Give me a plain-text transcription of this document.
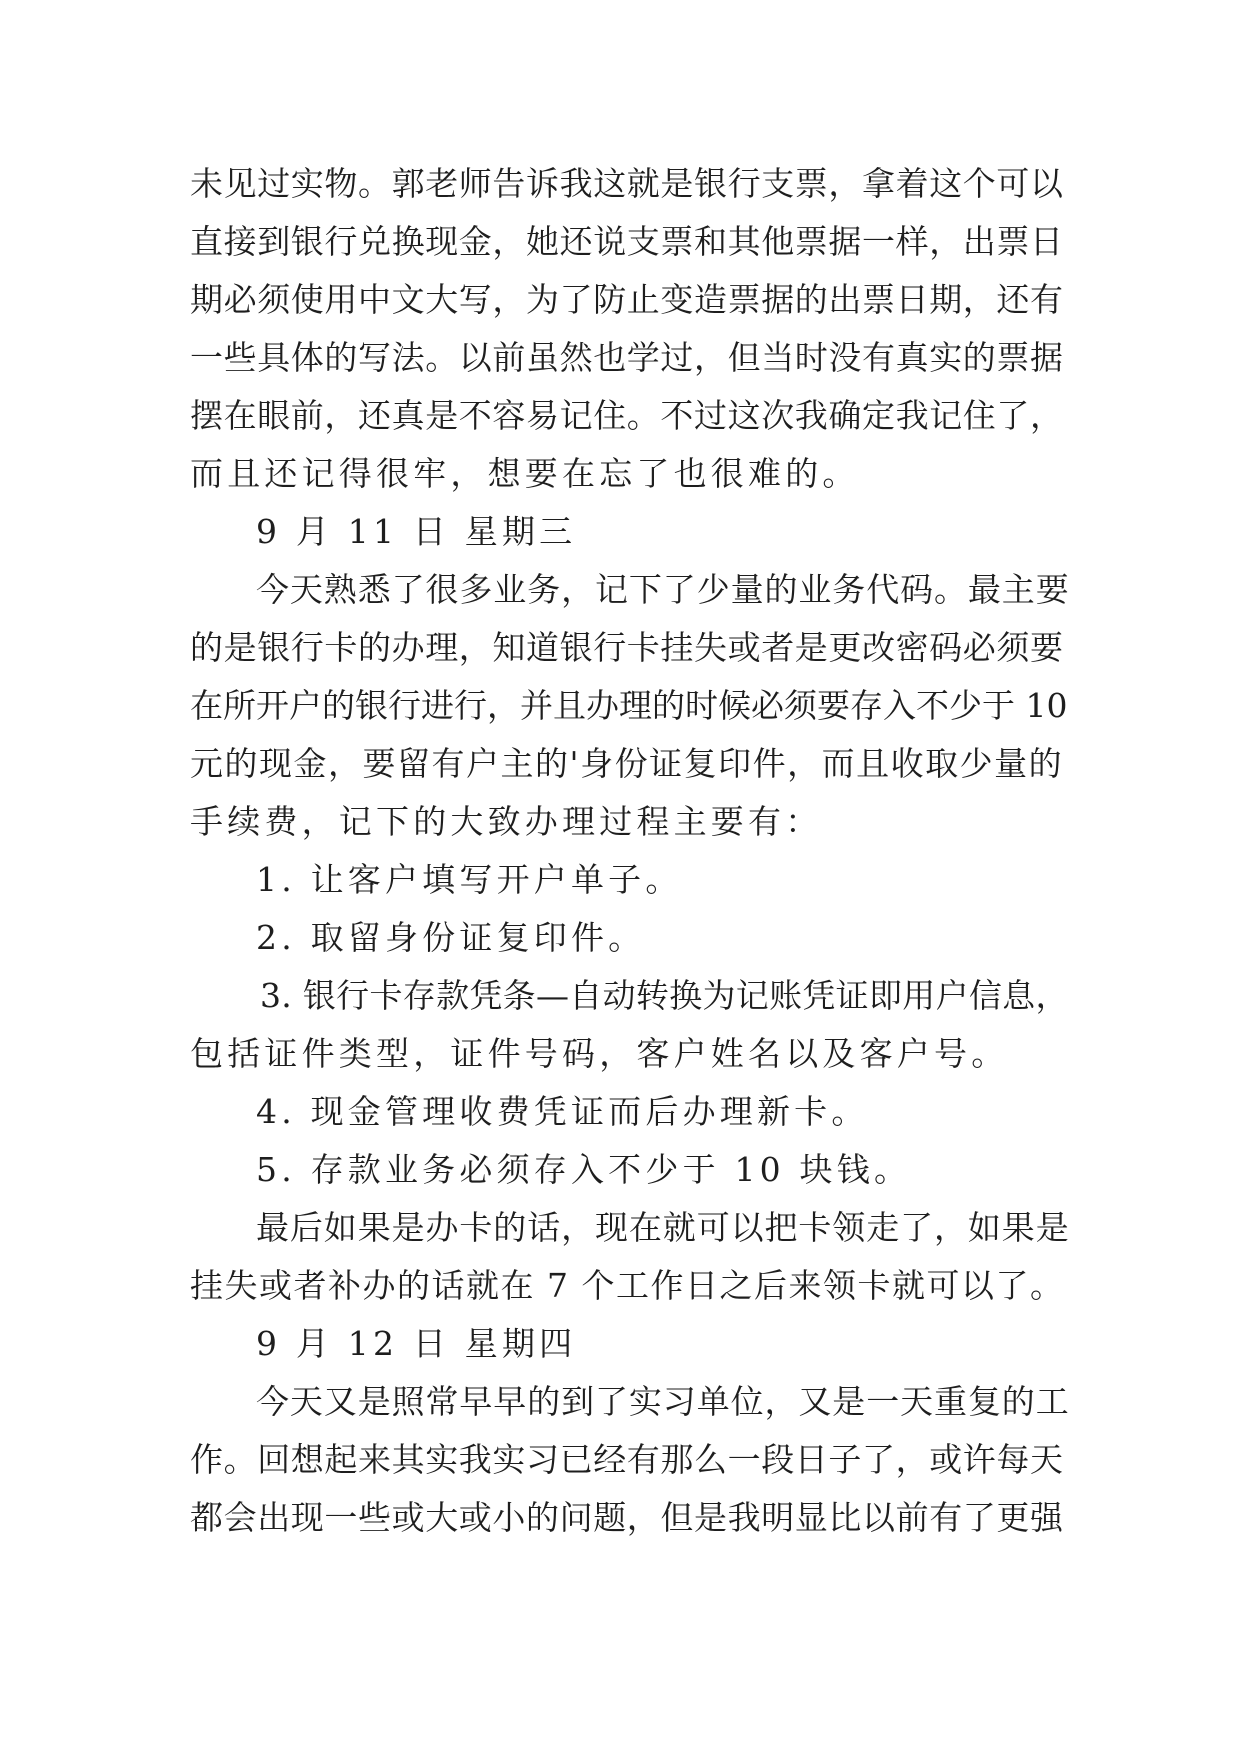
未见过实物。郭老师告诉我这就是银行支票，拿着这个可以
直接到银行兑换现金，她还说支票和其他票据一样，出票日
期必须使用中文大写，为了防止变造票据的出票日期，还有
一些具体的写法。以前虽然也学过，但当时没有真实的票据
摆在眼前，还真是不容易记住。不过这次我确定我记住了，
而且还记得很牢，想要在忘了也很难的。
9 月 11 日 星期三
今天熟悉了很多业务，记下了少量的业务代码。最主要
的是银行卡的办理，知道银行卡挂失或者是更改密码必须要
在所开户的银行进行，并且办理的时候必须要存入不少于 10
元的现金，要留有户主的'身份证复印件，而且收取少量的
手续费，记下的大致办理过程主要有：
1. 让客户填写开户单子。
2. 取留身份证复印件。
3. 银行卡存款凭条—自动转换为记账凭证即用户信息，
包括证件类型，证件号码，客户姓名以及客户号。
4. 现金管理收费凭证而后办理新卡。
5. 存款业务必须存入不少于 10 块钱。
最后如果是办卡的话，现在就可以把卡领走了，如果是
挂失或者补办的话就在 7 个工作日之后来领卡就可以了。
9 月 12 日 星期四
今天又是照常早早的到了实习单位，又是一天重复的工
作。回想起来其实我实习已经有那么一段日子了，或许每天
都会出现一些或大或小的问题，但是我明显比以前有了更强
